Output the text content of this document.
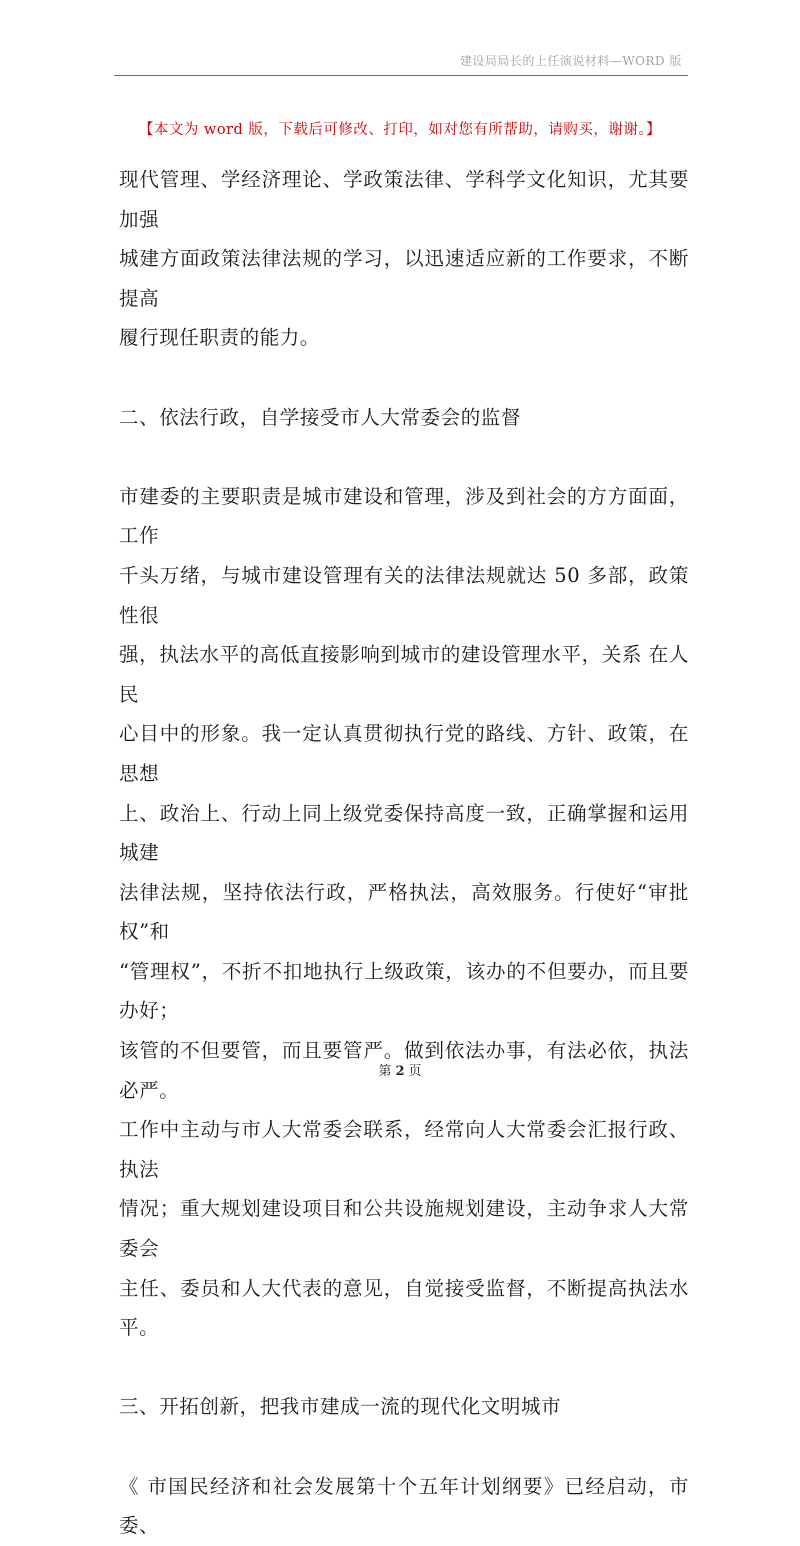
建设局局长的上任演说材料—WORD 版
【本文为 word 版，下载后可修改、打印，如对您有所帮助，请购买，谢谢。】

现代管理、学经济理论、学政策法律、学科学文化知识，尤其要加强

城建方面政策法律法规的学习，以迅速适应新的工作要求，不断提高

履行现任职责的能力。

二、依法行政，自学接受市人大常委会的监督

市建委的主要职责是城市建设和管理，涉及到社会的方方面面，工作

千头万绪，与城市建设管理有关的法律法规就达 50 多部，政策性很

强，执法水平的高低直接影响到城市的建设管理水平，关系 在人民

心目中的形象。我一定认真贯彻执行党的路线、方针、政策，在思想

上、政治上、行动上同上级党委保持高度一致，正确掌握和运用城建

法律法规，坚持依法行政，严格执法，高效服务。行使好“审批权”和

“管理权”，不折不扣地执行上级政策，该办的不但要办，而且要办好；

该管的不但要管，而且要管严。做到依法办事，有法必依，执法必严。

工作中主动与市人大常委会联系，经常向人大常委会汇报行政、执法

情况；重大规划建设项目和公共设施规划建设，主动争求人大常委会

主任、委员和人大代表的意见，自觉接受监督，不断提高执法水平。

三、开拓创新，把我市建成一流的现代化文明城市

《 市国民经济和社会发展第十个五年计划纲要》已经启动，市委、

第 2 页
